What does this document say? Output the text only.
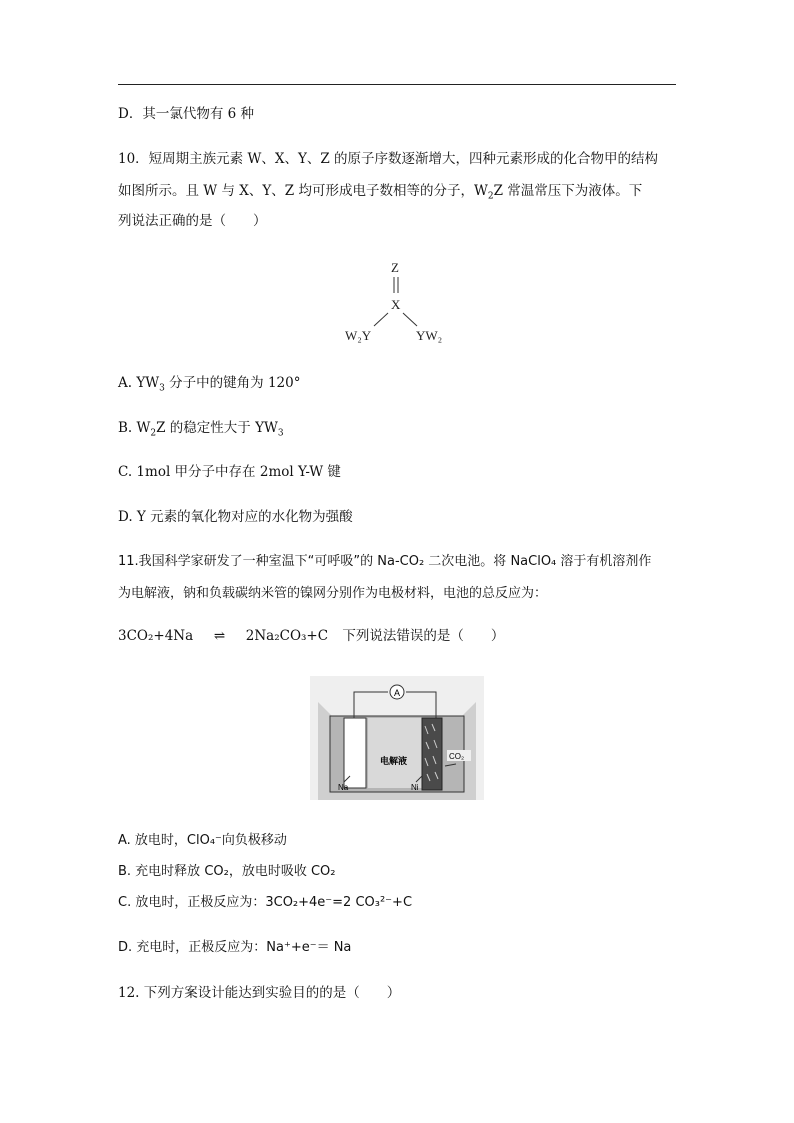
D．其一氯代物有 6 种
10．短周期主族元素 W、X、Y、Z 的原子序数逐渐增大，四种元素形成的化合物甲的结构
如图所示。且 W 与 X、Y、Z 均可形成电子数相等的分子，$W_2Z$ 常温常压下为液体。下
列说法正确的是（　　）
Z
X
W₂Y	YW₂
A. $YW_3$ 分子中的键角为 120°
B. $W_2Z$ 的稳定性大于 $YW_3$
C. 1mol 甲分子中存在 2mol Y-W 键
D. Y 元素的氧化物对应的水化物为强酸
11.我国科学家研发了一种室温下“可呼吸”的 Na-CO₂ 二次电池。将 NaClO₄ 溶于有机溶剂作
为电解液，钠和负载碳纳米管的镍网分别作为电极材料，电池的总反应为：
3CO₂+4Na ⇌ 2Na₂CO₃+C 下列说法错误的是（　　）
A
CO₂
电解液
Na	Ni
A. 放电时，ClO₄⁻向负极移动
B. 充电时释放 CO₂，放电时吸收 CO₂
C. 放电时，正极反应为：3CO₂+4e⁻=2 CO₃²⁻+C
D. 充电时，正极反应为：Na⁺+e⁻＝ Na
12. 下列方案设计能达到实验目的的是（　　）
